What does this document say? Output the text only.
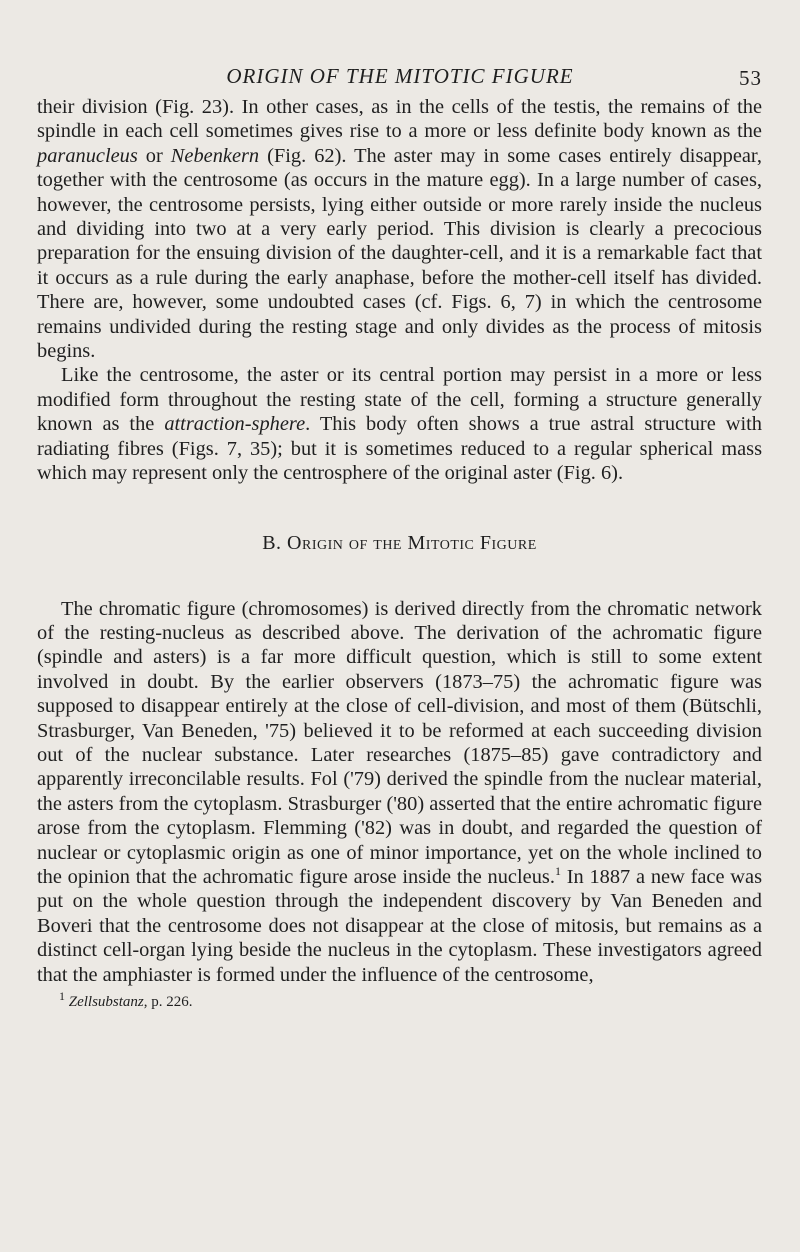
ORIGIN OF THE MITOTIC FIGURE	53

their division (Fig. 23). In other cases, as in the cells of the testis, the remains of the spindle in each cell sometimes gives rise to a more or less definite body known as the paranucleus or Nebenkern (Fig. 62). The aster may in some cases entirely disappear, together with the centrosome (as occurs in the mature egg). In a large number of cases, however, the centrosome persists, lying either outside or more rarely inside the nucleus and dividing into two at a very early period. This division is clearly a precocious preparation for the ensuing division of the daughter-cell, and it is a remarkable fact that it occurs as a rule during the early anaphase, before the mother-cell itself has divided. There are, however, some undoubted cases (cf. Figs. 6, 7) in which the centrosome remains undivided during the resting stage and only divides as the process of mitosis begins.

Like the centrosome, the aster or its central portion may persist in a more or less modified form throughout the resting state of the cell, forming a structure generally known as the attraction-sphere. This body often shows a true astral structure with radiating fibres (Figs. 7, 35); but it is sometimes reduced to a regular spherical mass which may represent only the centrosphere of the original aster (Fig. 6).

B. Origin of the Mitotic Figure

The chromatic figure (chromosomes) is derived directly from the chromatic network of the resting-nucleus as described above. The derivation of the achromatic figure (spindle and asters) is a far more difficult question, which is still to some extent involved in doubt. By the earlier observers (1873–75) the achromatic figure was supposed to disappear entirely at the close of cell-division, and most of them (Bütschli, Strasburger, Van Beneden, '75) believed it to be reformed at each succeeding division out of the nuclear substance. Later researches (1875–85) gave contradictory and apparently irreconcilable results. Fol ('79) derived the spindle from the nuclear material, the asters from the cytoplasm. Strasburger ('80) asserted that the entire achromatic figure arose from the cytoplasm. Flemming ('82) was in doubt, and regarded the question of nuclear or cytoplasmic origin as one of minor importance, yet on the whole inclined to the opinion that the achromatic figure arose inside the nucleus.$^1$ In 1887 a new face was put on the whole question through the independent discovery by Van Beneden and Boveri that the centrosome does not disappear at the close of mitosis, but remains as a distinct cell-organ lying beside the nucleus in the cytoplasm. These investigators agreed that the amphiaster is formed under the influence of the centrosome,

$^1$ Zellsubstanz, p. 226.
